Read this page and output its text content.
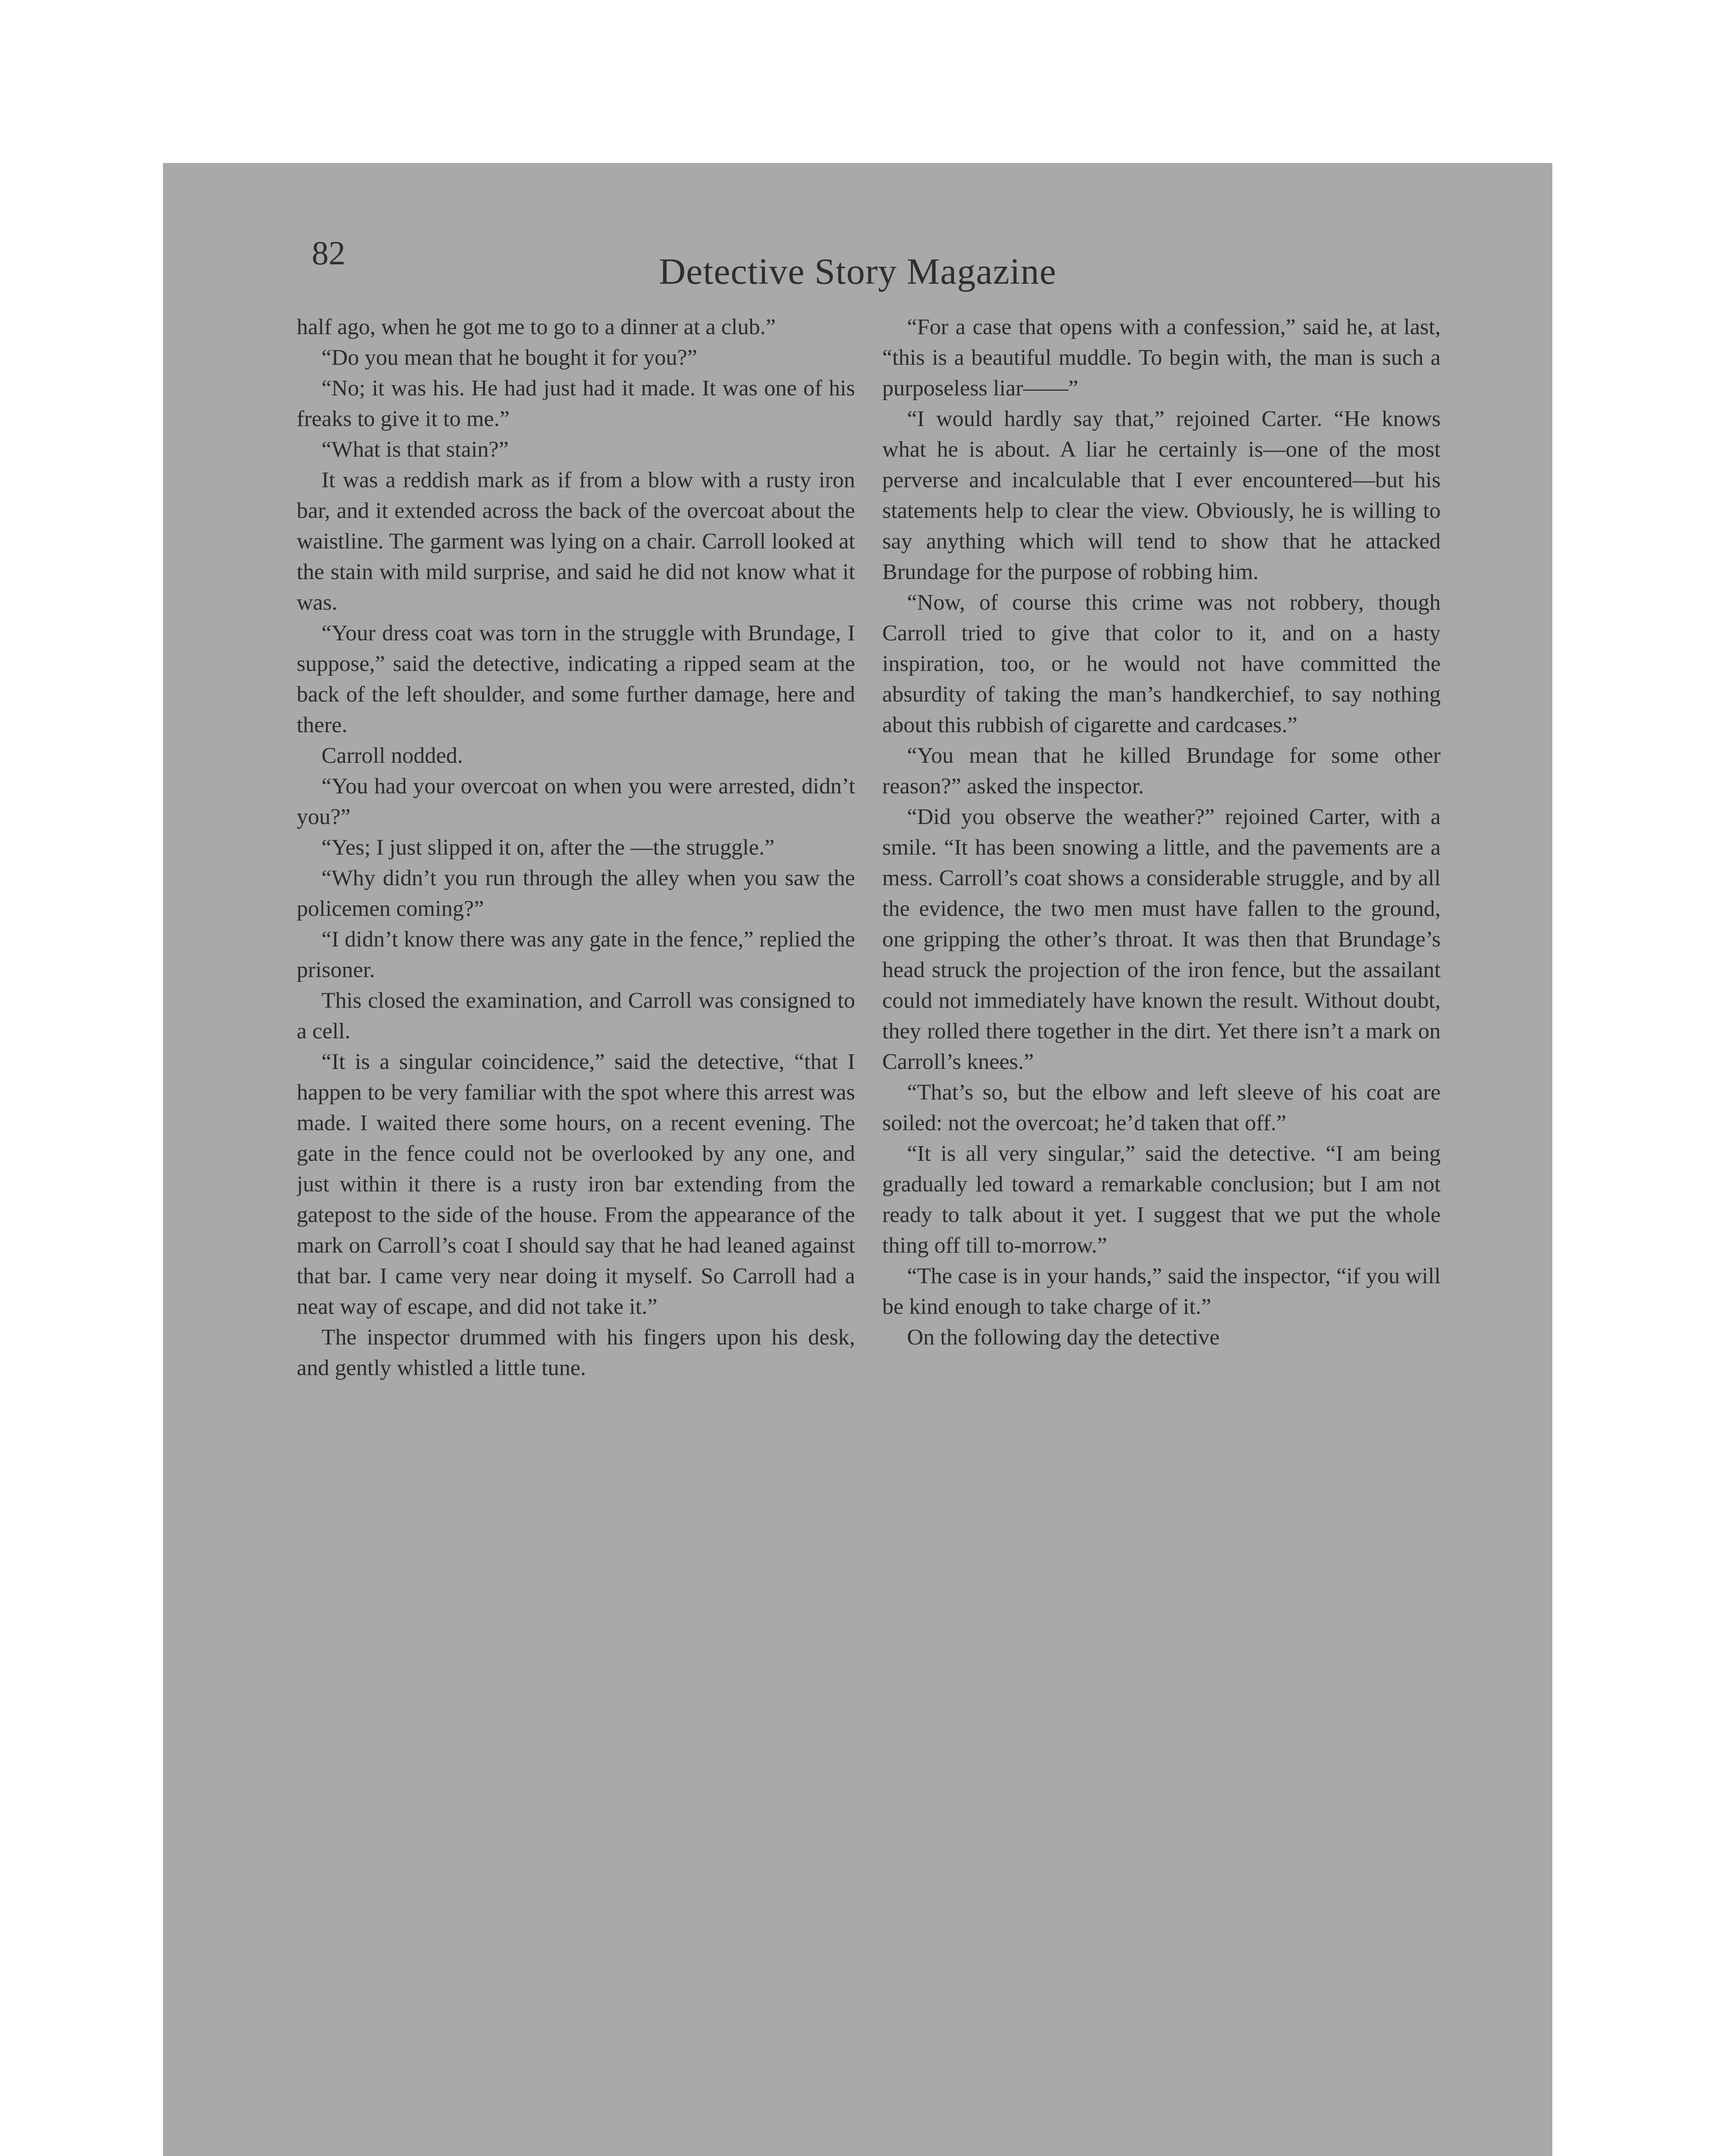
82	Detective Story Magazine

half ago, when he got me to go to a dinner at a club.”

“Do you mean that he bought it for you?”

“No; it was his. He had just had it made. It was one of his freaks to give it to me.”

“What is that stain?”

It was a reddish mark as if from a blow with a rusty iron bar, and it extended across the back of the overcoat about the waistline. The garment was lying on a chair. Carroll looked at the stain with mild surprise, and said he did not know what it was.

“Your dress coat was torn in the struggle with Brundage, I suppose,” said the detective, indicating a ripped seam at the back of the left shoulder, and some further damage, here and there.

Carroll nodded.

“You had your overcoat on when you were arrested, didn’t you?”

“Yes; I just slipped it on, after the —the struggle.”

“Why didn’t you run through the alley when you saw the policemen coming?”

“I didn’t know there was any gate in the fence,” replied the prisoner.

This closed the examination, and Carroll was consigned to a cell.

“It is a singular coincidence,” said the detective, “that I happen to be very familiar with the spot where this arrest was made. I waited there some hours, on a recent evening. The gate in the fence could not be overlooked by any one, and just within it there is a rusty iron bar extending from the gatepost to the side of the house. From the appearance of the mark on Carroll’s coat I should say that he had leaned against that bar. I came very near doing it myself. So Carroll had a neat way of escape, and did not take it.”

The inspector drummed with his fingers upon his desk, and gently whistled a little tune.

“For a case that opens with a confession,” said he, at last, “this is a beautiful muddle. To begin with, the man is such a purposeless liar——”

“I would hardly say that,” rejoined Carter. “He knows what he is about. A liar he certainly is—one of the most perverse and incalculable that I ever encountered—but his statements help to clear the view. Obviously, he is willing to say anything which will tend to show that he attacked Brundage for the purpose of robbing him.

“Now, of course this crime was not robbery, though Carroll tried to give that color to it, and on a hasty inspiration, too, or he would not have committed the absurdity of taking the man’s handkerchief, to say nothing about this rubbish of cigarette and cardcases.”

“You mean that he killed Brundage for some other reason?” asked the inspector.

“Did you observe the weather?” rejoined Carter, with a smile. “It has been snowing a little, and the pavements are a mess. Carroll’s coat shows a considerable struggle, and by all the evidence, the two men must have fallen to the ground, one gripping the other’s throat. It was then that Brundage’s head struck the projection of the iron fence, but the assailant could not immediately have known the result. Without doubt, they rolled there together in the dirt. Yet there isn’t a mark on Carroll’s knees.”

“That’s so, but the elbow and left sleeve of his coat are soiled: not the overcoat; he’d taken that off.”

“It is all very singular,” said the detective. “I am being gradually led toward a remarkable conclusion; but I am not ready to talk about it yet. I suggest that we put the whole thing off till to-morrow.”

“The case is in your hands,” said the inspector, “if you will be kind enough to take charge of it.”

On the following day the detective
